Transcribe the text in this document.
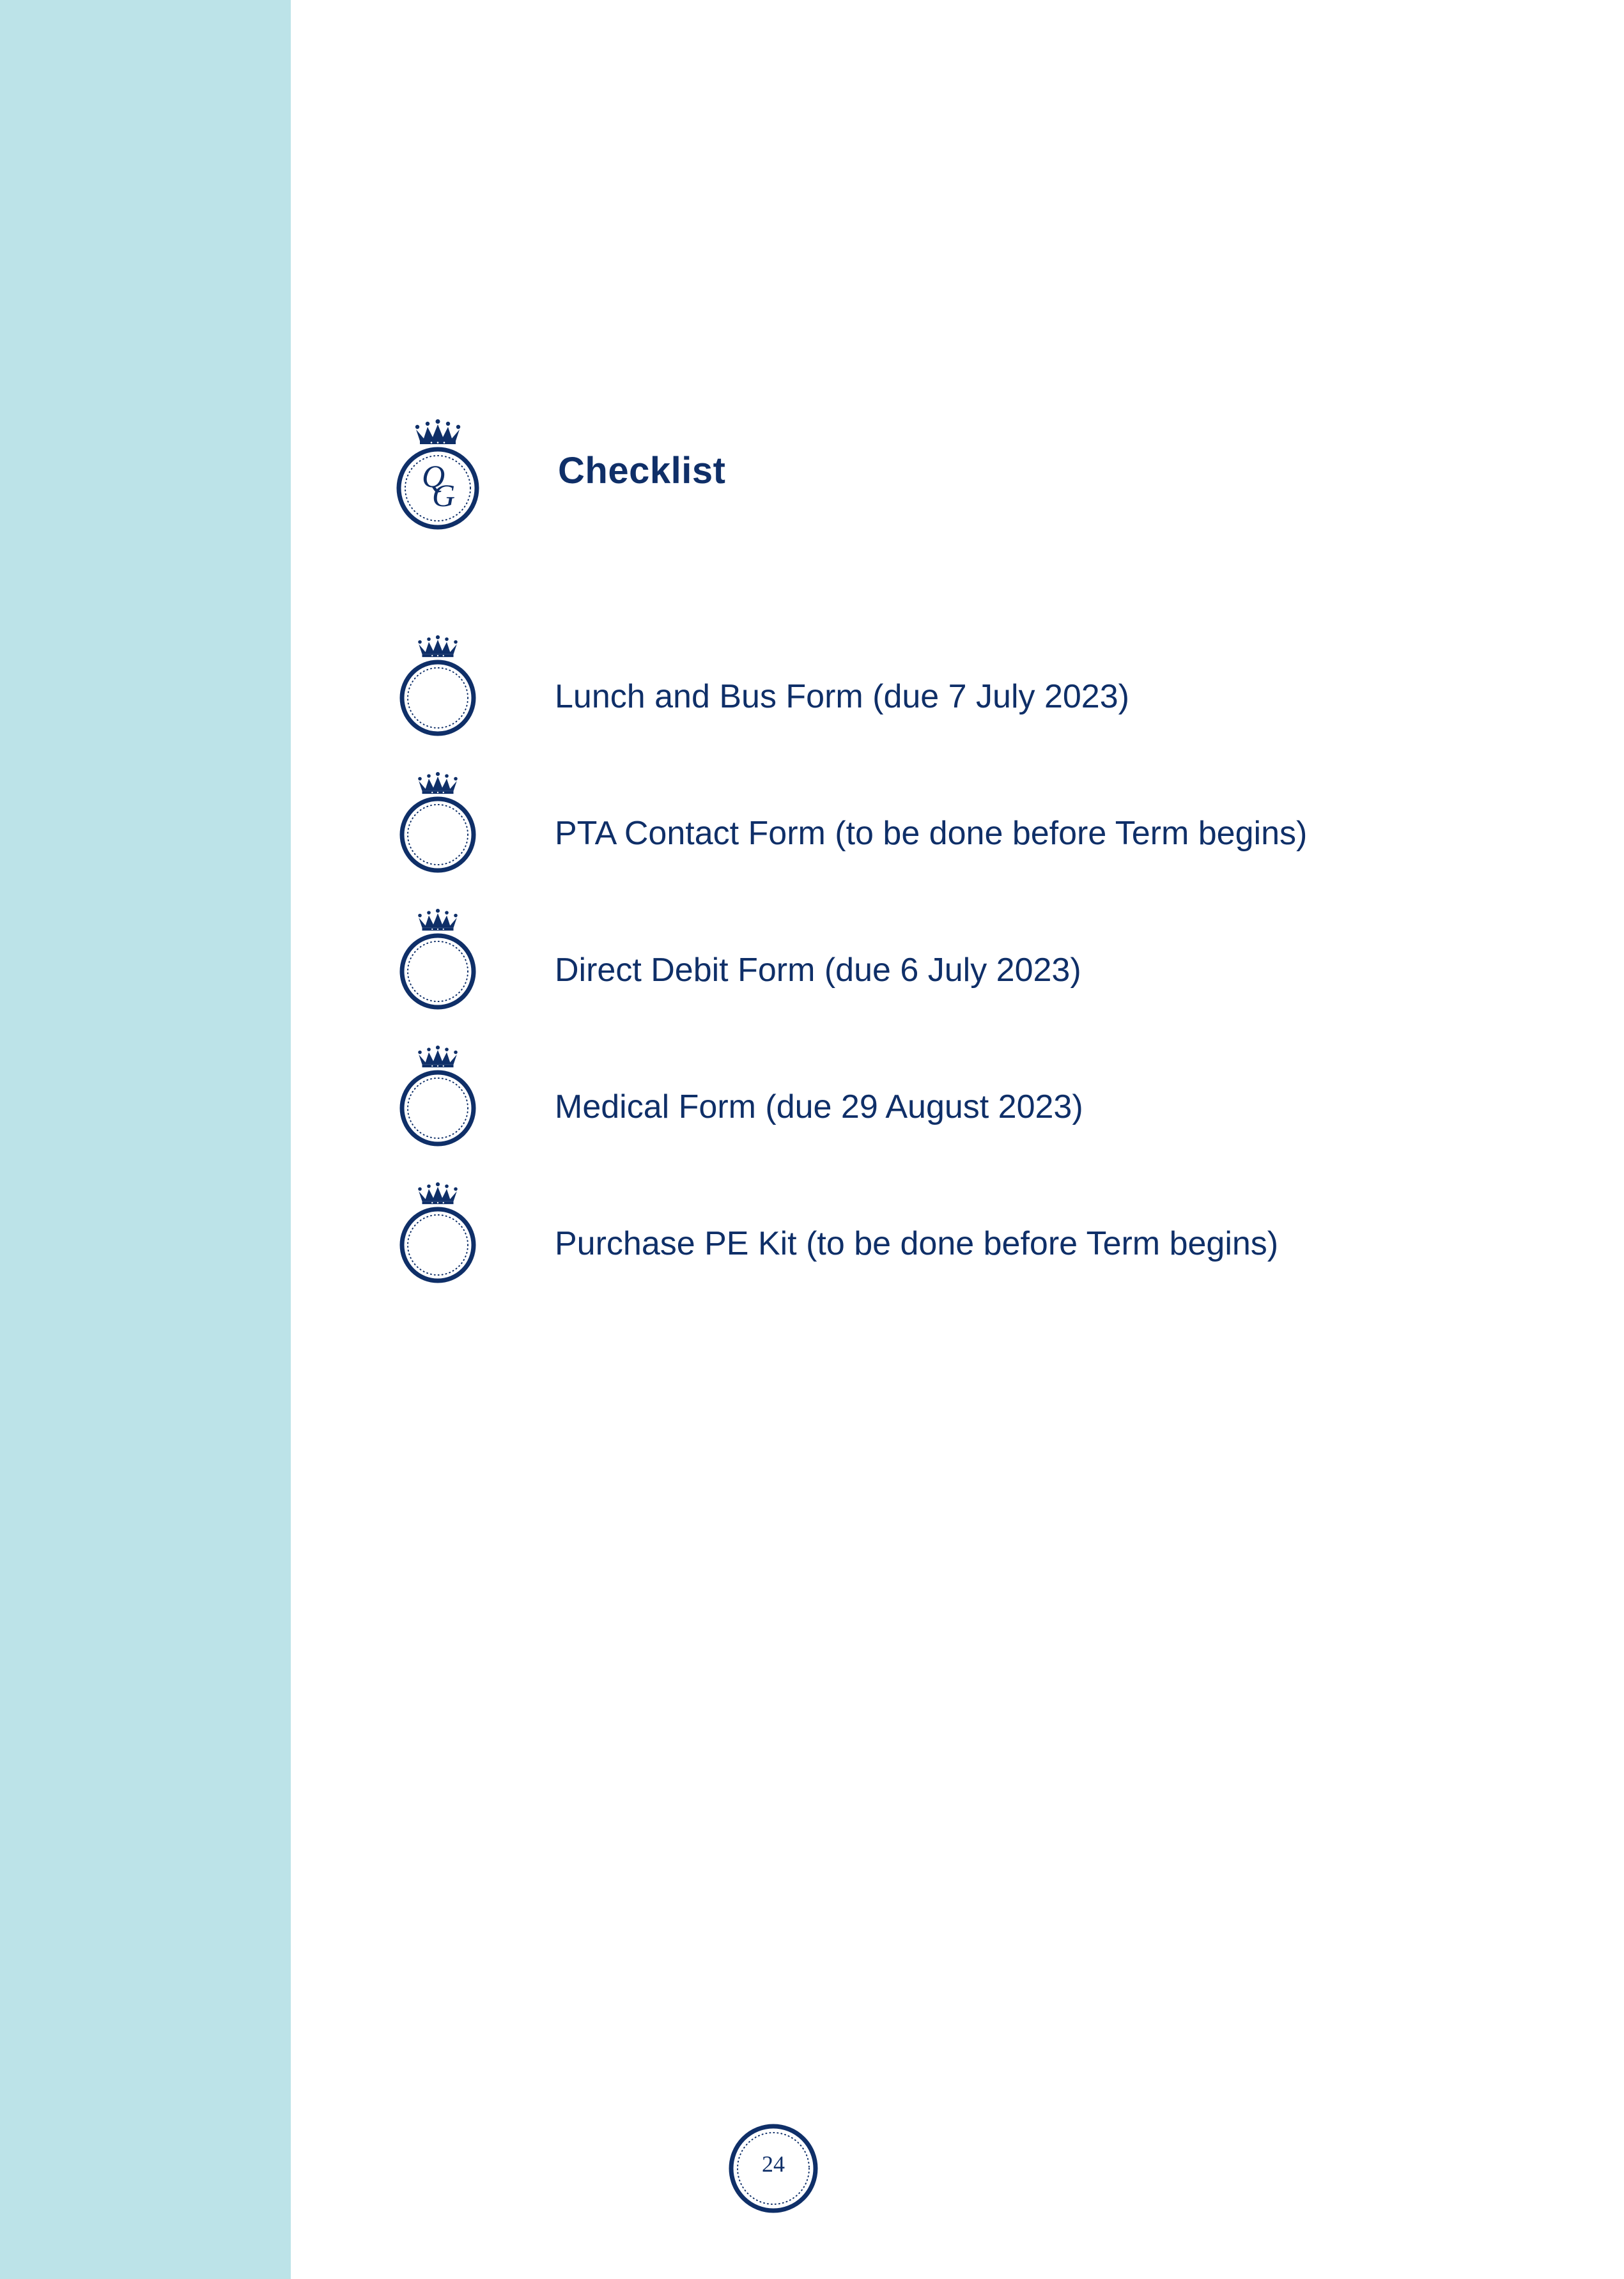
Q
G
Checklist
Lunch and Bus Form (due 7 July 2023)
PTA Contact Form (to be done before Term begins)
Direct Debit Form (due 6 July 2023)
Medical Form (due 29 August 2023)
Purchase PE Kit (to be done before Term begins)
24
